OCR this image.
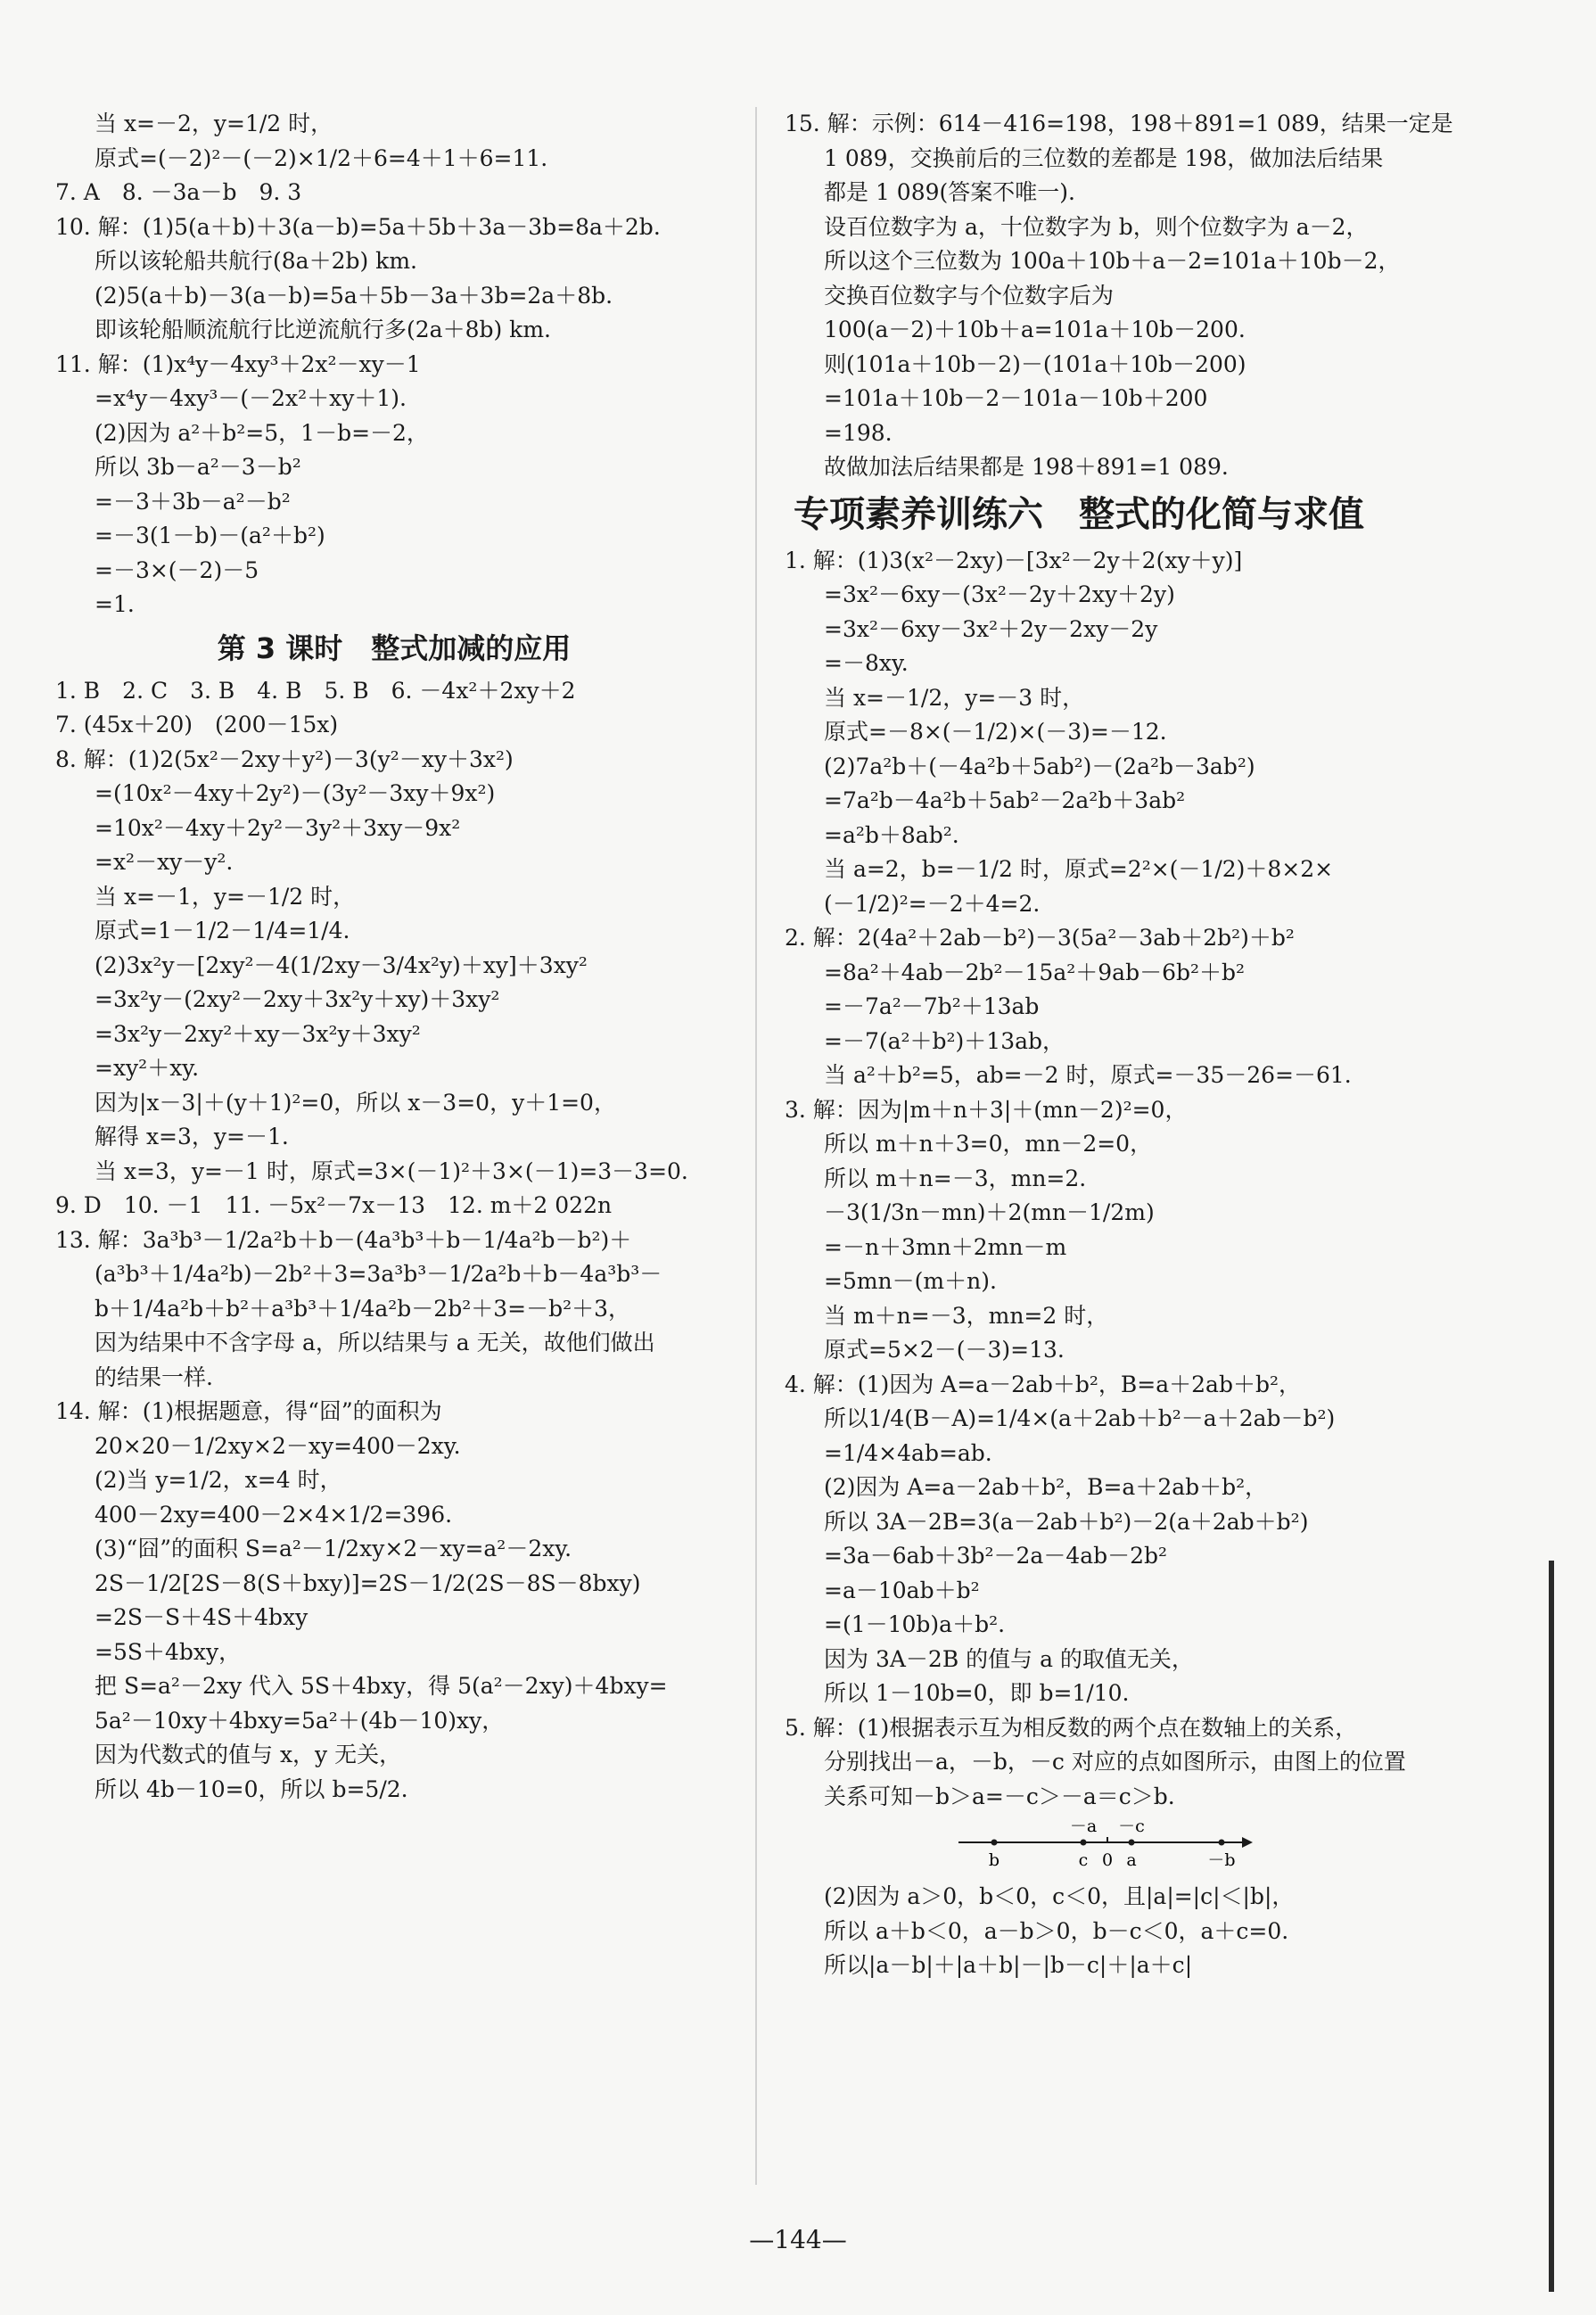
当 x=－2，y=1/2 时，
原式=(－2)²－(－2)×1/2＋6=4＋1＋6=11.
7. A　8. －3a－b　9. 3
10. 解：(1)5(a＋b)＋3(a－b)=5a＋5b＋3a－3b=8a＋2b.
所以该轮船共航行(8a＋2b) km.
(2)5(a＋b)－3(a－b)=5a＋5b－3a＋3b=2a＋8b.
即该轮船顺流航行比逆流航行多(2a＋8b) km.
11. 解：(1)x⁴y－4xy³＋2x²－xy－1
=x⁴y－4xy³－(－2x²＋xy＋1).
(2)因为 a²＋b²=5，1－b=－2，
所以 3b－a²－3－b²
=－3＋3b－a²－b²
=－3(1－b)－(a²＋b²)
=－3×(－2)－5
=1.
第 3 课时　整式加减的应用
1. B　2. C　3. B　4. B　5. B　6. －4x²＋2xy＋2
7. (45x＋20)　(200－15x)
8. 解：(1)2(5x²－2xy＋y²)－3(y²－xy＋3x²)
=(10x²－4xy＋2y²)－(3y²－3xy＋9x²)
=10x²－4xy＋2y²－3y²＋3xy－9x²
=x²－xy－y².
当 x=－1，y=－1/2 时，
原式=1－1/2－1/4=1/4.
(2)3x²y－[2xy²－4(1/2xy－3/4x²y)＋xy]＋3xy²
=3x²y－(2xy²－2xy＋3x²y＋xy)＋3xy²
=3x²y－2xy²＋xy－3x²y＋3xy²
=xy²＋xy.
因为|x－3|＋(y＋1)²=0，所以 x－3=0，y＋1=0，
解得 x=3，y=－1.
当 x=3，y=－1 时，原式=3×(－1)²＋3×(－1)=3－3=0.
9. D　10. －1　11. －5x²－7x－13　12. m＋2 022n
13. 解：3a³b³－1/2a²b＋b－(4a³b³＋b－1/4a²b－b²)＋
(a³b³＋1/4a²b)－2b²＋3=3a³b³－1/2a²b＋b－4a³b³－
b＋1/4a²b＋b²＋a³b³＋1/4a²b－2b²＋3=－b²＋3，
因为结果中不含字母 a，所以结果与 a 无关，故他们做出
的结果一样.
14. 解：(1)根据题意，得“囧”的面积为
20×20－1/2xy×2－xy=400－2xy.
(2)当 y=1/2，x=4 时，
400－2xy=400－2×4×1/2=396.
(3)“囧”的面积 S=a²－1/2xy×2－xy=a²－2xy.
2S－1/2[2S－8(S＋bxy)]=2S－1/2(2S－8S－8bxy)
=2S－S＋4S＋4bxy
=5S＋4bxy，
把 S=a²－2xy 代入 5S＋4bxy，得 5(a²－2xy)＋4bxy=
5a²－10xy＋4bxy=5a²＋(4b－10)xy，
因为代数式的值与 x，y 无关，
所以 4b－10=0，所以 b=5/2.
15. 解：示例：614－416=198，198＋891=1 089，结果一定是
1 089，交换前后的三位数的差都是 198，做加法后结果
都是 1 089(答案不唯一).
设百位数字为 a，十位数字为 b，则个位数字为 a－2，
所以这个三位数为 100a＋10b＋a－2=101a＋10b－2，
交换百位数字与个位数字后为
100(a－2)＋10b＋a=101a＋10b－200.
则(101a＋10b－2)－(101a＋10b－200)
=101a＋10b－2－101a－10b＋200
=198.
故做加法后结果都是 198＋891=1 089.
专项素养训练六　整式的化简与求值
1. 解：(1)3(x²－2xy)－[3x²－2y＋2(xy＋y)]
=3x²－6xy－(3x²－2y＋2xy＋2y)
=3x²－6xy－3x²＋2y－2xy－2y
=－8xy.
当 x=－1/2，y=－3 时，
原式=－8×(－1/2)×(－3)=－12.
(2)7a²b＋(－4a²b＋5ab²)－(2a²b－3ab²)
=7a²b－4a²b＋5ab²－2a²b＋3ab²
=a²b＋8ab².
当 a=2，b=－1/2 时，原式=2²×(－1/2)＋8×2×
(－1/2)²=－2＋4=2.
2. 解：2(4a²＋2ab－b²)－3(5a²－3ab＋2b²)＋b²
=8a²＋4ab－2b²－15a²＋9ab－6b²＋b²
=－7a²－7b²＋13ab
=－7(a²＋b²)＋13ab，
当 a²＋b²=5，ab=－2 时，原式=－35－26=－61.
3. 解：因为|m＋n＋3|＋(mn－2)²=0，
所以 m＋n＋3=0，mn－2=0，
所以 m＋n=－3，mn=2.
－3(1/3n－mn)＋2(mn－1/2m)
=－n＋3mn＋2mn－m
=5mn－(m＋n).
当 m＋n=－3，mn=2 时，
原式=5×2－(－3)=13.
4. 解：(1)因为 A=a－2ab＋b²，B=a＋2ab＋b²，
所以1/4(B－A)=1/4×(a＋2ab＋b²－a＋2ab－b²)
=1/4×4ab=ab.
(2)因为 A=a－2ab＋b²，B=a＋2ab＋b²，
所以 3A－2B=3(a－2ab＋b²)－2(a＋2ab＋b²)
=3a－6ab＋3b²－2a－4ab－2b²
=a－10ab＋b²
=(1－10b)a＋b².
因为 3A－2B 的值与 a 的取值无关，
所以 1－10b=0，即 b=1/10.
5. 解：(1)根据表示互为相反数的两个点在数轴上的关系，
分别找出－a，－b，－c 对应的点如图所示，由图上的位置
关系可知－b＞a=－c＞－a＝c＞b.
－a －c
b	c 0 a	－b
(2)因为 a＞0，b＜0，c＜0，且|a|=|c|＜|b|，
所以 a＋b＜0，a－b＞0，b－c＜0，a＋c=0.
所以|a－b|＋|a＋b|－|b－c|＋|a＋c|
—144—
